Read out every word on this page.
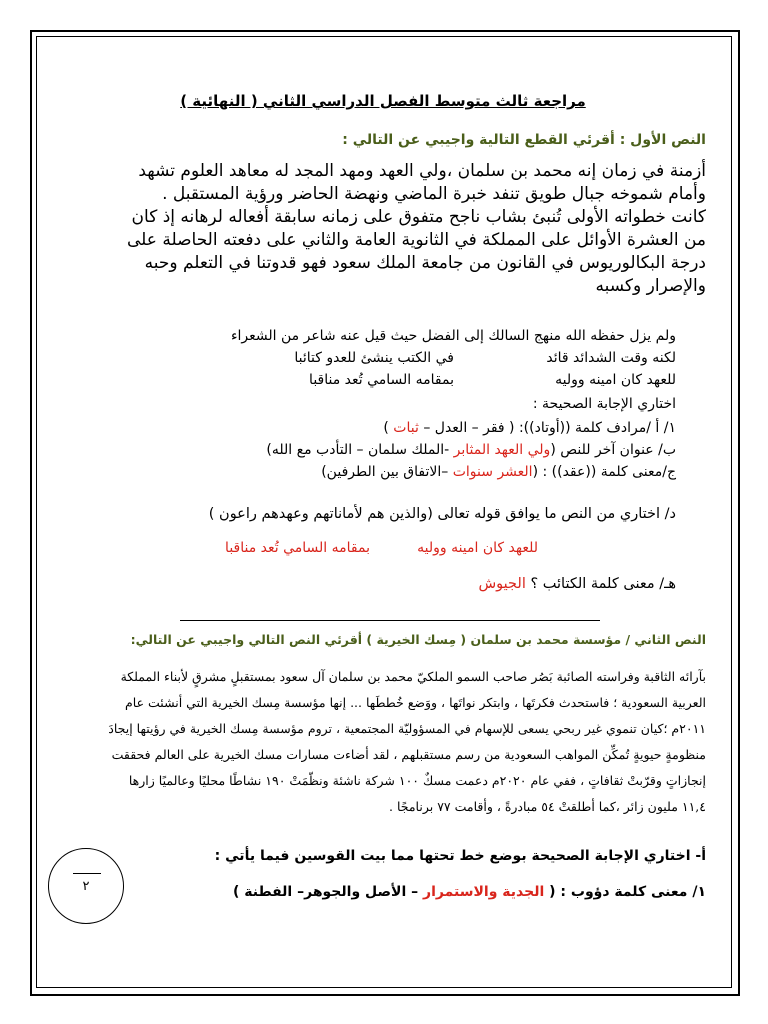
مراجعة ثالث متوسط الفصل الدراسي الثاني ( النهائية )
النص الأول : أقرئي القطع التالية واجيبي عن التالي :
أزمنة في زمان إنه محمد بن سلمان ،ولي العهد ومهد المجد له معاهد العلوم تشهد
وأمام شموخه جبال طويق تنفد خبرة الماضي ونهضة الحاضر ورؤية المستقبل .
كانت خطواته الأولى تُنبئ بشاب ناجح متفوق على زمانه سابقة أفعاله لرهانه إذ كان
من العشرة الأوائل على المملكة في الثانوية العامة والثاني على دفعته الحاصلة على
درجة البكالوريوس في القانون من جامعة الملك سعود فهو قدوتنا في التعلم وحبه
والإصرار وكسبه
ولم يزل حفظه الله منهج السالك إلى الفضل حيث قيل عنه شاعر من الشعراء
لكنه وقت الشدائد قائد
في الكتب ينشئ للعدو كتائبا
للعهد كان امينه ووليه
بمقامه السامي تُعد مناقبا
اختاري الإجابة الصحيحة :
١/ أ /مرادف كلمة ((أوتاد)): ( فقر – العدل – ثبات )
ب/ عنوان آخر للنص (ولي العهد المثابر -الملك سلمان – التأدب مع الله)
ج/معنى كلمة ((عقد)) : (العشر سنوات –الاتفاق بين الطرفين)
د/ اختاري من النص ما يوافق قوله تعالى (والذين هم لأماناتهم وعهدهم راعون )
للعهد كان امينه ووليه
بمقامه السامي تُعد مناقبا
هـ/ معنى كلمة الكتائب ؟ الجيوش
النص الثاني / مؤسسة محمد بن سلمان ( مِسك الخيرية ) أقرئي النص التالي واجيبي عن التالي:
بآرائه الثاقبة وفراسته الصائبة بَصُر صاحب السمو الملكيّ محمد بن سلمان آل سعود بمستقبلٍ مشرقٍ لأبناء المملكة
العربية السعودية ؛ فاستحدث فكرتَها ، وابتكر نواتَها ، ووَضع خُططَها ... إنها مؤسسة مِسك الخيرية التي أنشئت عام
٢٠١١م ؛كيان تنموي غير ربحي يسعى للإسهام في المسؤوليّة المجتمعية ، تروم مؤسسة مِسك الخيرية في رؤيتها إيجادَ
منظومةٍ حيويةٍ تُمكِّن المواهب السعودية من رسم مستقبلهم ، لقد أضاءت مسارات مسك الخيرية على العالم فحققت
إنجازاتٍ وقرّبتْ ثقافاتٍ ، ففي عام ٢٠٢٠م دعمت مسكٌ ١٠٠ شركة ناشئة ونظّمَتْ ١٩٠ نشاطًا محليًا وعالميًا زارها
١١,٤ مليون زائر ،كما أطلقتْ ٥٤ مبادرةً ، وأقامت ٧٧ برنامجًا .
أ- اختاري الإجابة الصحيحة بوضع خط تحتها مما بيت القوسين فيما يأتي :
١/ معنى كلمة دؤوب : ( الجدية والاستمرار – الأصل والجوهر– الفطنة )
٢
